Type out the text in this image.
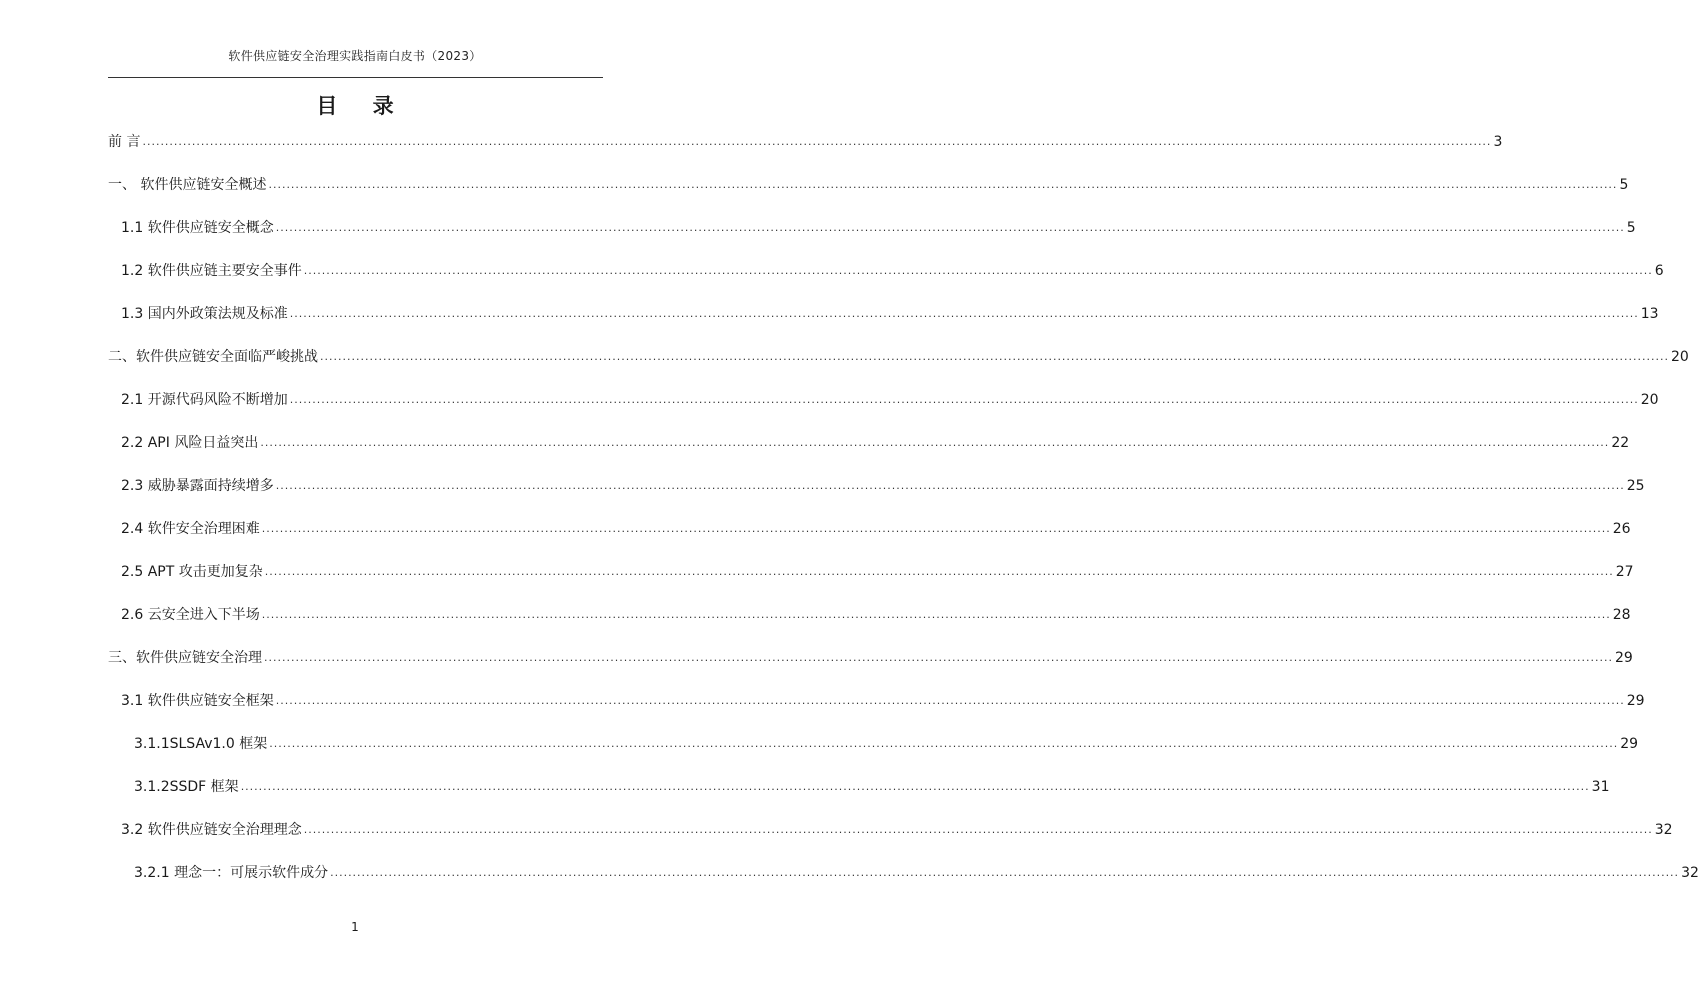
软件供应链安全治理实践指南白皮书（2023）
目 录
前 言 ............................................................................................................................................................................................................................................................................................................ 3
一、 软件供应链安全概述 ............................................................................................................................................................................................................................................................................................................ 5
1.1 软件供应链安全概念 ............................................................................................................................................................................................................................................................................................................ 5
1.2 软件供应链主要安全事件 ............................................................................................................................................................................................................................................................................................................ 6
1.3 国内外政策法规及标准 ............................................................................................................................................................................................................................................................................................................ 13
二、软件供应链安全面临严峻挑战 ............................................................................................................................................................................................................................................................................................................ 20
2.1 开源代码风险不断增加 ............................................................................................................................................................................................................................................................................................................ 20
2.2 API 风险日益突出 ............................................................................................................................................................................................................................................................................................................ 22
2.3 威胁暴露面持续增多 ............................................................................................................................................................................................................................................................................................................ 25
2.4 软件安全治理困难 ............................................................................................................................................................................................................................................................................................................ 26
2.5 APT 攻击更加复杂 ............................................................................................................................................................................................................................................................................................................ 27
2.6 云安全进入下半场 ............................................................................................................................................................................................................................................................................................................ 28
三、软件供应链安全治理 ............................................................................................................................................................................................................................................................................................................ 29
3.1 软件供应链安全框架 ............................................................................................................................................................................................................................................................................................................ 29
3.1.1SLSAv1.0 框架 ............................................................................................................................................................................................................................................................................................................ 29
3.1.2SSDF 框架 ............................................................................................................................................................................................................................................................................................................ 31
3.2 软件供应链安全治理理念 ............................................................................................................................................................................................................................................................................................................ 32
3.2.1 理念一：可展示软件成分 ............................................................................................................................................................................................................................................................................................................ 32
1
